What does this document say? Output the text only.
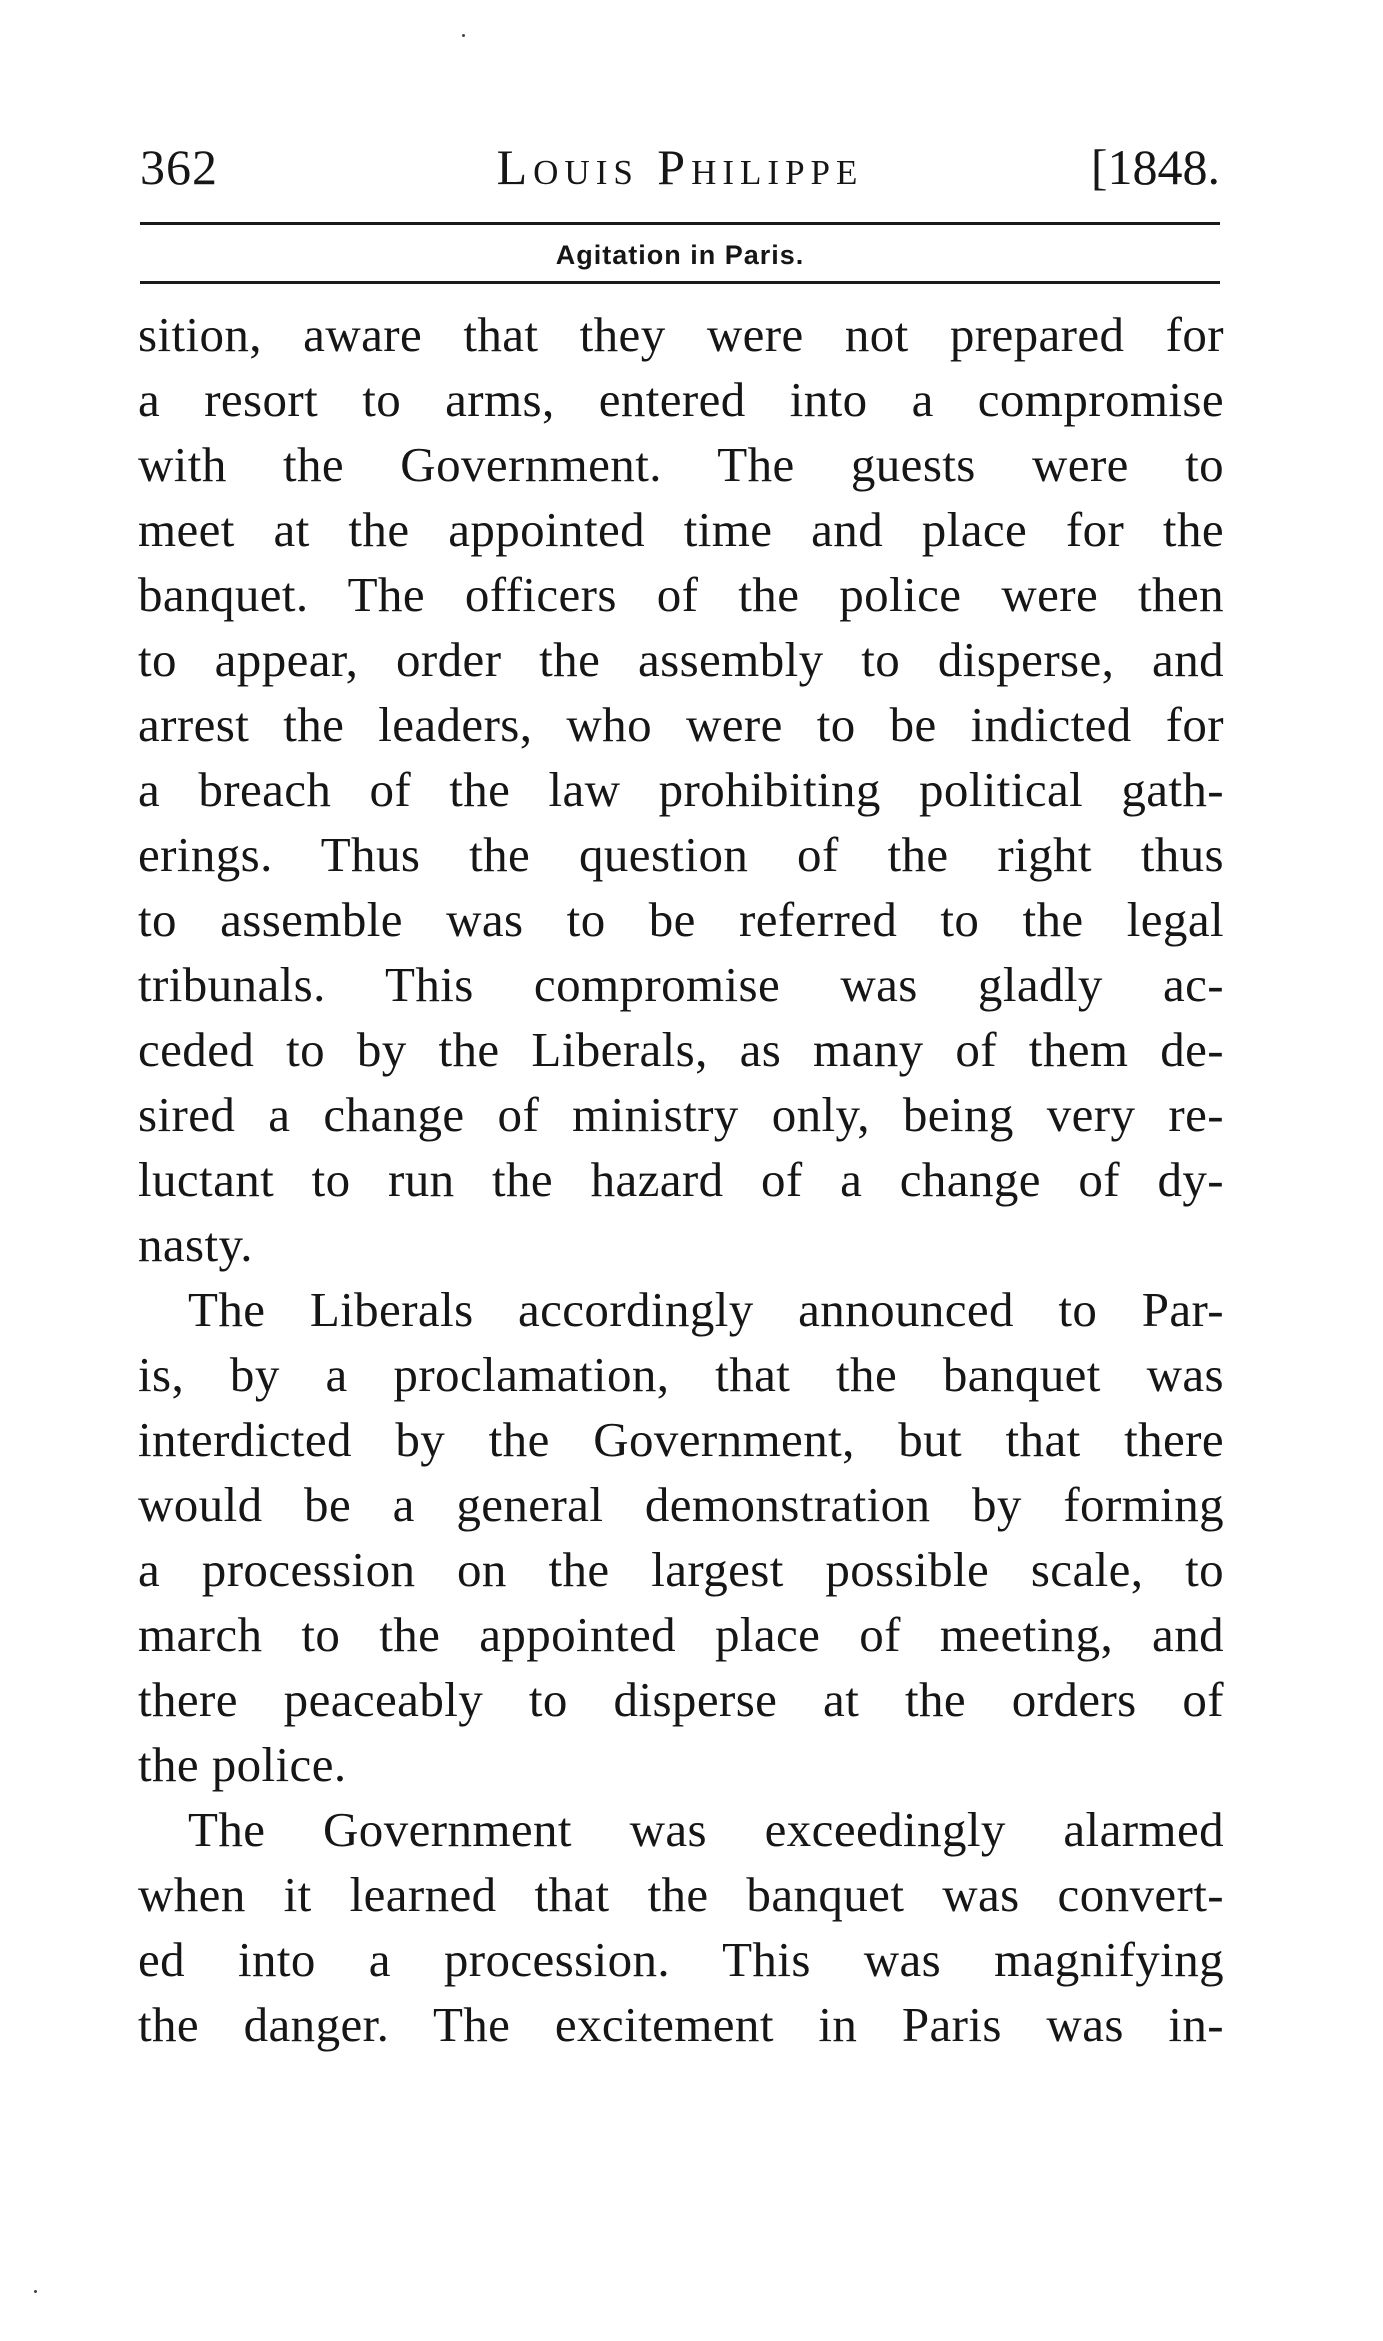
362	Louis Philippe	[1848.
Agitation in Paris.
sition, aware that they were not prepared for
a resort to arms, entered into a compromise
with the Government. The guests were to
meet at the appointed time and place for the
banquet. The officers of the police were then
to appear, order the assembly to disperse, and
arrest the leaders, who were to be indicted for
a breach of the law prohibiting political gath-
erings. Thus the question of the right thus
to assemble was to be referred to the legal
tribunals. This compromise was gladly ac-
ceded to by the Liberals, as many of them de-
sired a change of ministry only, being very re-
luctant to run the hazard of a change of dy-
nasty.
The Liberals accordingly announced to Par-
is, by a proclamation, that the banquet was
interdicted by the Government, but that there
would be a general demonstration by forming
a procession on the largest possible scale, to
march to the appointed place of meeting, and
there peaceably to disperse at the orders of
the police.
The Government was exceedingly alarmed
when it learned that the banquet was convert-
ed into a procession. This was magnifying
the danger. The excitement in Paris was in-
